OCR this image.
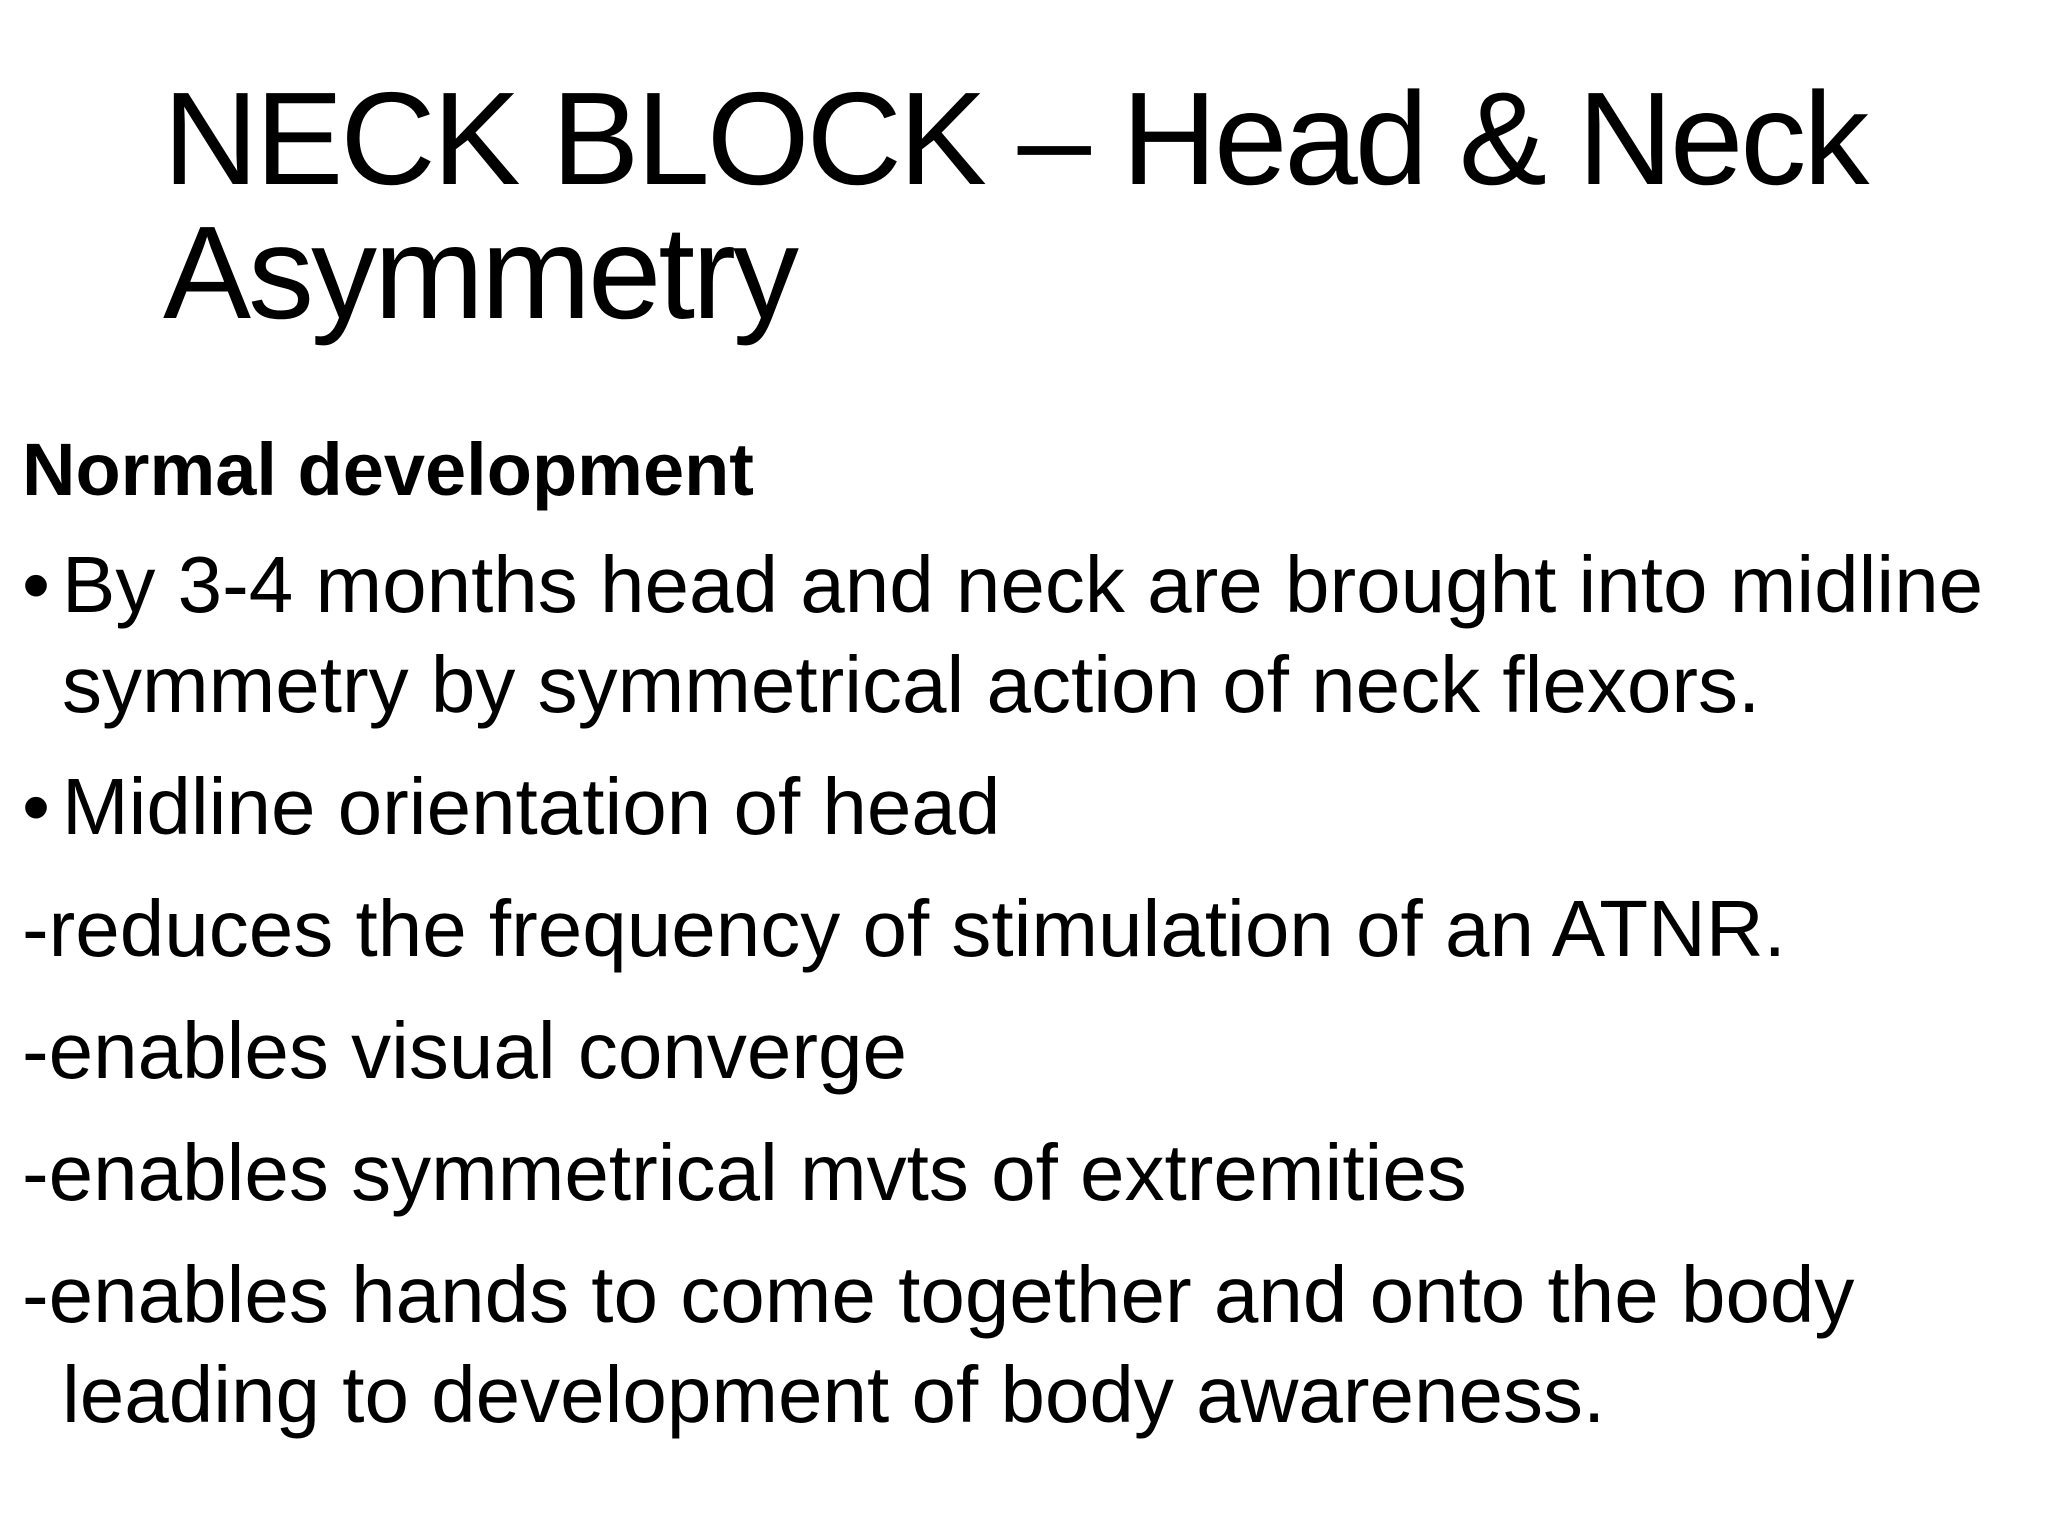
NECK BLOCK – Head & Neck Asymmetry
Normal development
• By 3-4 months head and neck are brought into midline symmetry by symmetrical action of neck flexors.
• Midline orientation of head
-reduces the frequency of stimulation of an ATNR.
-enables visual converge
-enables symmetrical mvts of extremities
-enables hands to come together and onto the body leading to development of body awareness.
